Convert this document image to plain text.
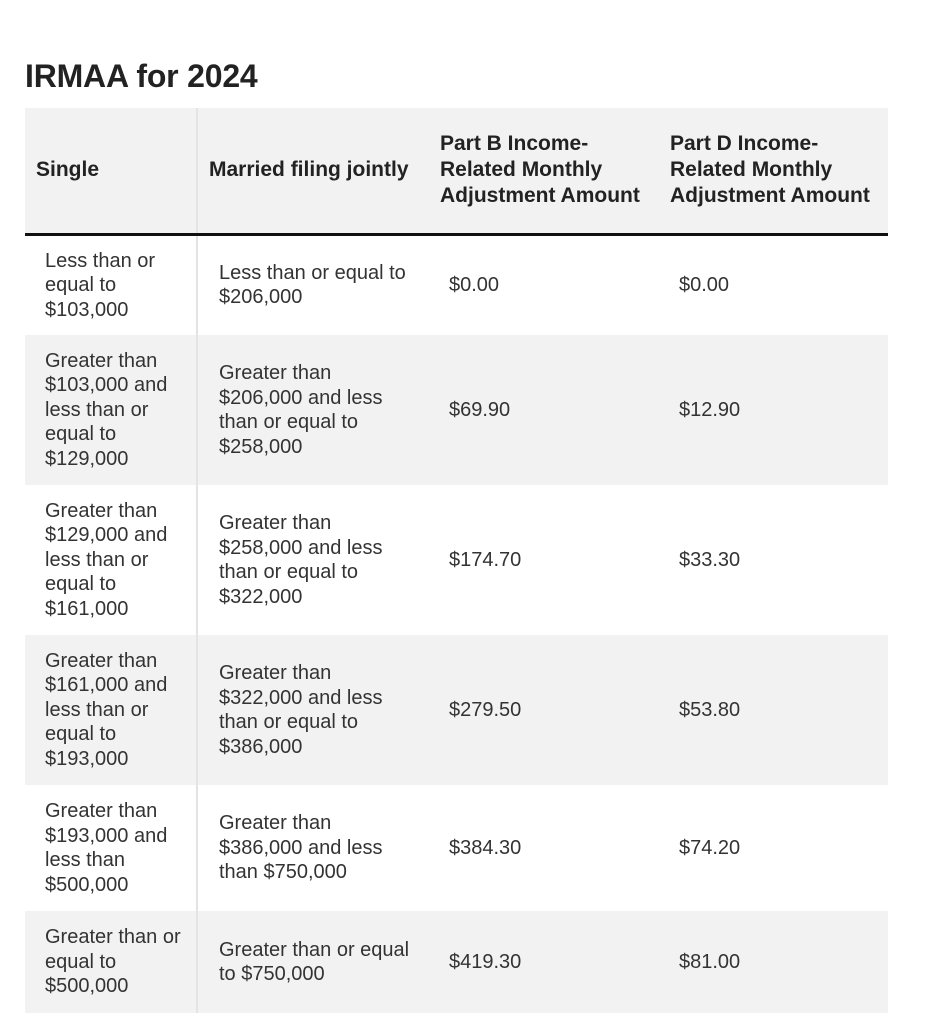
IRMAA for 2024
Single	Married filing jointly	Part B Income-Related Monthly Adjustment Amount	Part D Income-Related Monthly Adjustment Amount
Less than or equal to $103,000	Less than or equal to $206,000	$0.00	$0.00
Greater than $103,000 and less than or equal to $129,000	Greater than $206,000 and less than or equal to $258,000	$69.90	$12.90
Greater than $129,000 and less than or equal to $161,000	Greater than $258,000 and less than or equal to $322,000	$174.70	$33.30
Greater than $161,000 and less than or equal to $193,000	Greater than $322,000 and less than or equal to $386,000	$279.50	$53.80
Greater than $193,000 and less than $500,000	Greater than $386,000 and less than $750,000	$384.30	$74.20
Greater than or equal to $500,000	Greater than or equal to $750,000	$419.30	$81.00
